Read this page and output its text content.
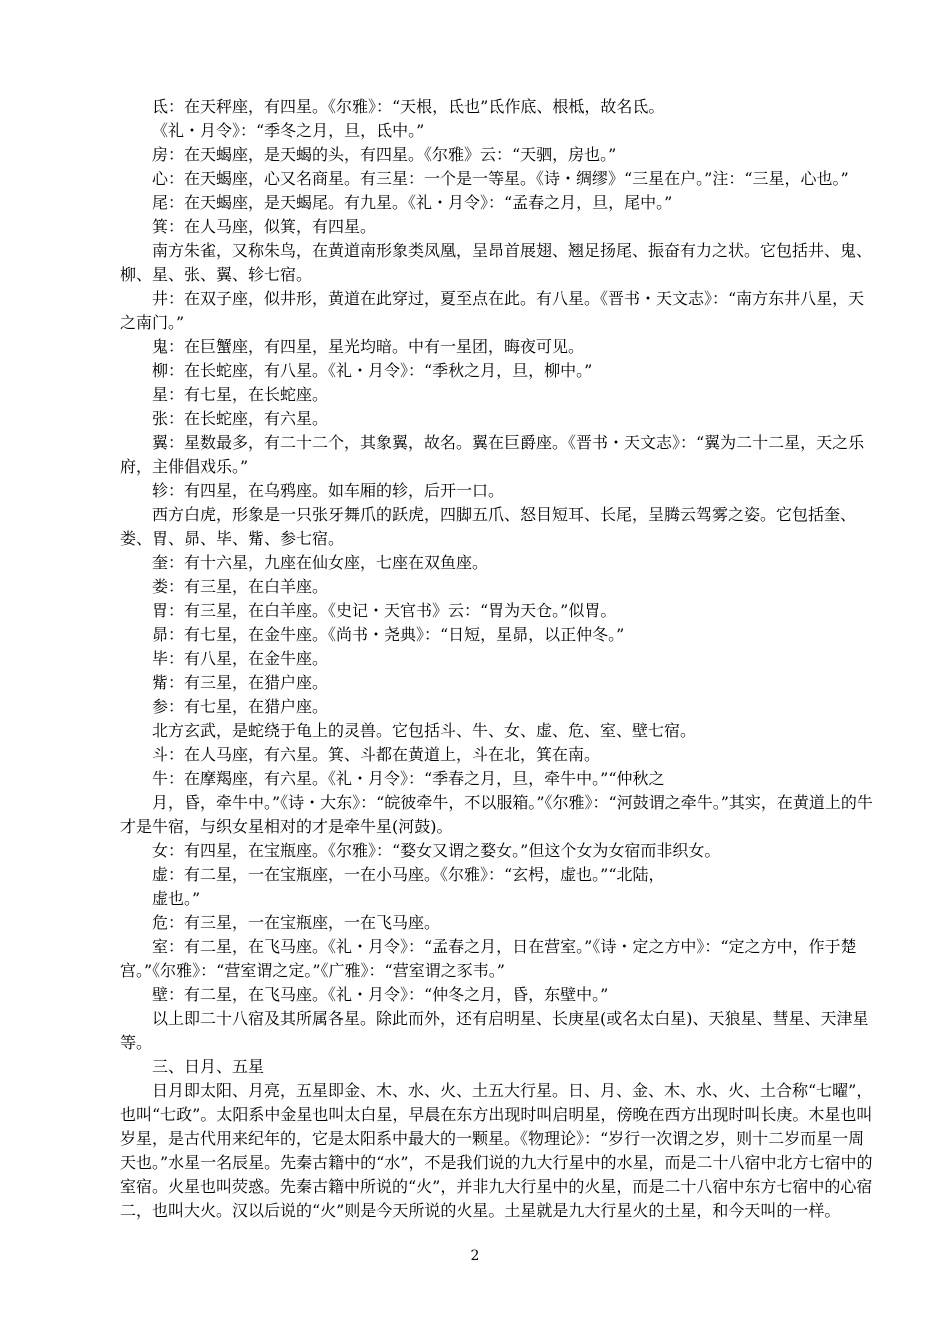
氐：在天秤座，有四星。《尔雅》：“天根，氐也”氐作底、根柢，故名氐。

《礼・月令》：“季冬之月，旦，氐中。”

房：在天蝎座，是天蝎的头，有四星。《尔雅》云：“天驷，房也。”

心：在天蝎座，心又名商星。有三星：一个是一等星。《诗・绸缪》“三星在户。”注：“三星，心也。”

尾：在天蝎座，是天蝎尾。有九星。《礼・月令》：“孟春之月，旦，尾中。”

箕：在人马座，似箕，有四星。

南方朱雀，又称朱鸟，在黄道南形象类凤凰，呈昂首展翅、翘足扬尾、振奋有力之状。它包括井、鬼、柳、星、张、翼、轸七宿。

井：在双子座，似井形，黄道在此穿过，夏至点在此。有八星。《晋书・天文志》：“南方东井八星，天之南门。”

鬼：在巨蟹座，有四星，星光均暗。中有一星团，晦夜可见。

柳：在长蛇座，有八星。《礼・月令》：“季秋之月，旦，柳中。”

星：有七星，在长蛇座。

张：在长蛇座，有六星。

翼：星数最多，有二十二个，其象翼，故名。翼在巨爵座。《晋书・天文志》：“翼为二十二星，天之乐府，主俳倡戏乐。”

轸：有四星，在乌鸦座。如车厢的轸，后开一口。

西方白虎，形象是一只张牙舞爪的跃虎，四脚五爪、怒目短耳、长尾，呈腾云驾雾之姿。它包括奎、娄、胃、昴、毕、觜、参七宿。

奎：有十六星，九座在仙女座，七座在双鱼座。

娄：有三星，在白羊座。

胃：有三星，在白羊座。《史记・天官书》云：“胃为天仓。”似胃。

昴：有七星，在金牛座。《尚书・尧典》：“日短，星昴，以正仲冬。”

毕：有八星，在金牛座。

觜：有三星，在猎户座。

参：有七星，在猎户座。

北方玄武，是蛇绕于龟上的灵兽。它包括斗、牛、女、虚、危、室、壁七宿。

斗：在人马座，有六星。箕、斗都在黄道上，斗在北，箕在南。

牛：在摩羯座，有六星。《礼・月令》：“季春之月，旦，牵牛中。”“仲秋之

月，昏，牵牛中。”《诗・大东》：“皖彼牵牛，不以服箱。”《尔雅》：“河鼓谓之牵牛。”其实，在黄道上的牛才是牛宿，与织女星相对的才是牵牛星(河鼓)。

女：有四星，在宝瓶座。《尔雅》：“婺女又谓之婺女。”但这个女为女宿而非织女。

虚：有二星，一在宝瓶座，一在小马座。《尔雅》：“玄枵，虚也。”“北陆，

虚也。”

危：有三星，一在宝瓶座，一在飞马座。

室：有二星，在飞马座。《礼・月令》：“孟春之月，日在营室。”《诗・定之方中》：“定之方中，作于楚宫。”《尔雅》：“营室谓之定。”《广雅》：“营室谓之豕韦。”

壁：有二星，在飞马座。《礼・月令》：“仲冬之月，昏，东壁中。”

以上即二十八宿及其所属各星。除此而外，还有启明星、长庚星(或名太白星)、天狼星、彗星、天津星等。

三、日月、五星

日月即太阳、月亮，五星即金、木、水、火、土五大行星。日、月、金、木、水、火、土合称“七曜”，也叫“七政”。太阳系中金星也叫太白星，早晨在东方出现时叫启明星，傍晚在西方出现时叫长庚。木星也叫岁星，是古代用来纪年的，它是太阳系中最大的一颗星。《物理论》：“岁行一次谓之岁，则十二岁而星一周天也。”水星一名辰星。先秦古籍中的“水”，不是我们说的九大行星中的水星，而是二十八宿中北方七宿中的室宿。火星也叫荧惑。先秦古籍中所说的“火”，并非九大行星中的火星，而是二十八宿中东方七宿中的心宿二，也叫大火。汉以后说的“火”则是今天所说的火星。土星就是九大行星火的土星，和今天叫的一样。

2
